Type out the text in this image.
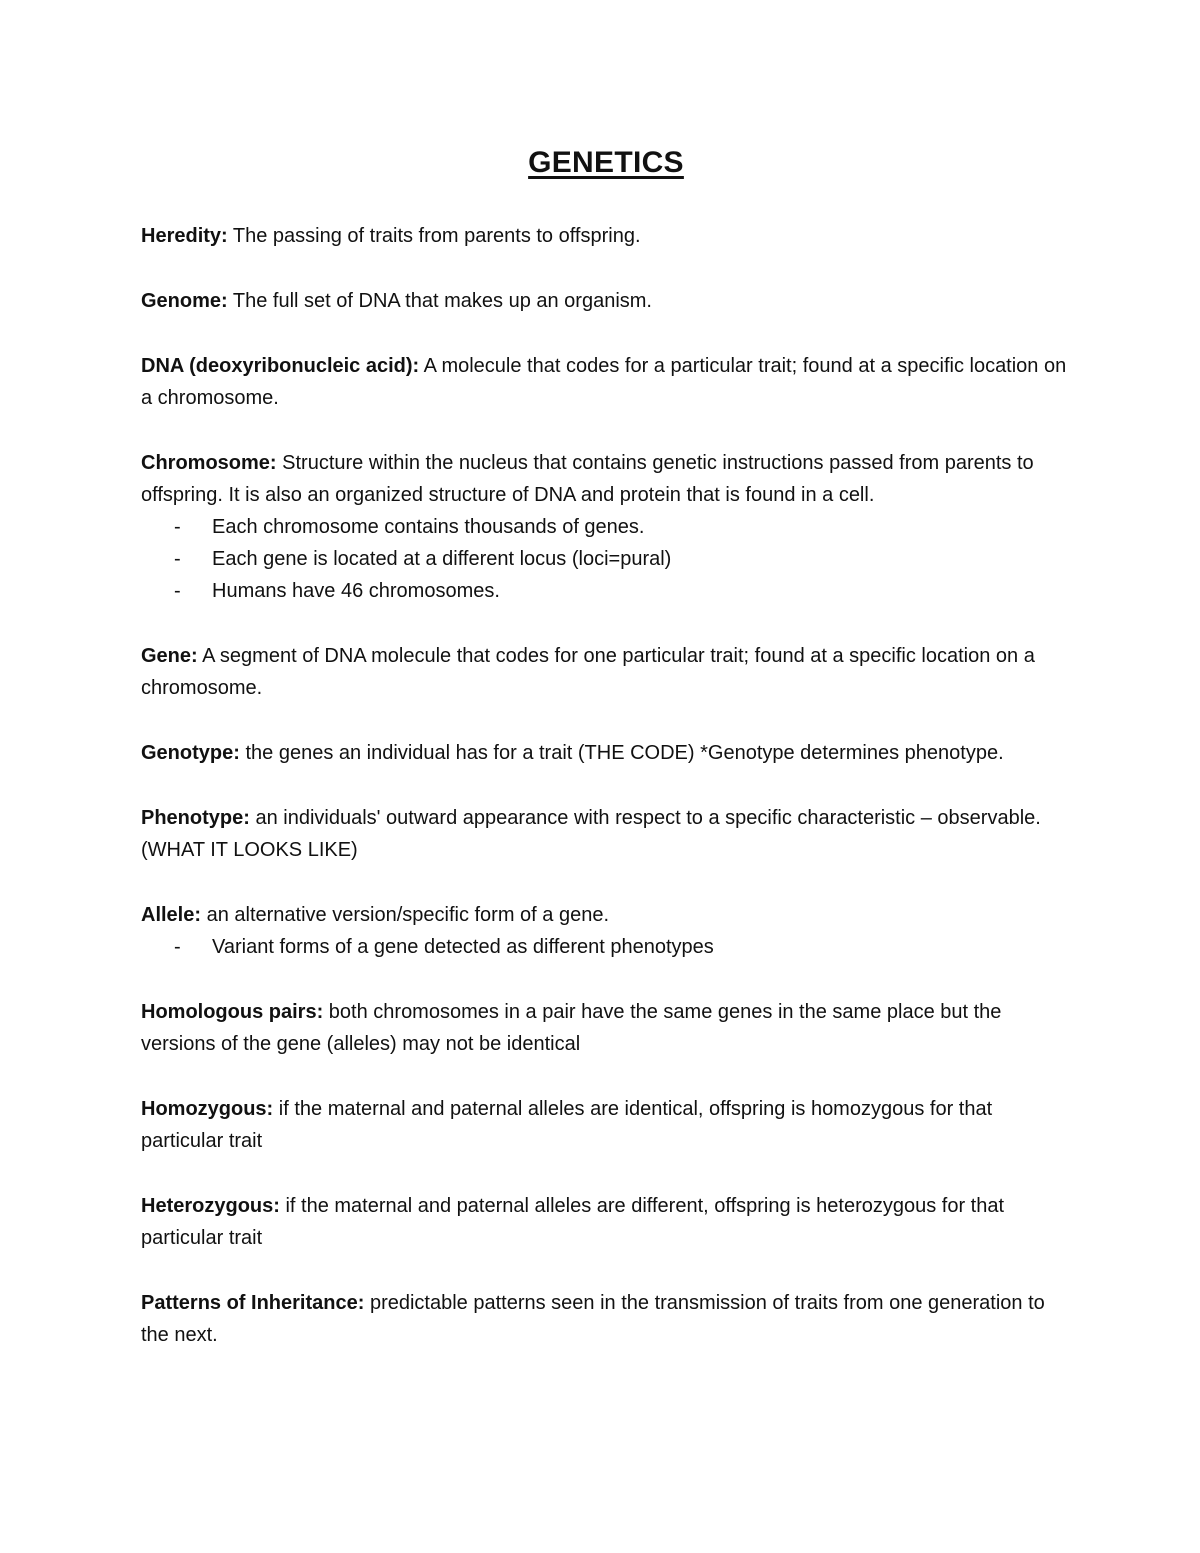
GENETICS
Heredity: The passing of traits from parents to offspring.
Genome: The full set of DNA that makes up an organism.
DNA (deoxyribonucleic acid): A molecule that codes for a particular trait; found at a specific location on a chromosome.
Chromosome: Structure within the nucleus that contains genetic instructions passed from parents to offspring. It is also an organized structure of DNA and protein that is found in a cell.
- Each chromosome contains thousands of genes.
- Each gene is located at a different locus (loci=pural)
- Humans have 46 chromosomes.
Gene: A segment of DNA molecule that codes for one particular trait; found at a specific location on a chromosome.
Genotype: the genes an individual has for a trait (THE CODE) *Genotype determines phenotype.
Phenotype: an individuals' outward appearance with respect to a specific characteristic – observable. (WHAT IT LOOKS LIKE)
Allele: an alternative version/specific form of a gene.
- Variant forms of a gene detected as different phenotypes
Homologous pairs: both chromosomes in a pair have the same genes in the same place but the versions of the gene (alleles) may not be identical
Homozygous: if the maternal and paternal alleles are identical, offspring is homozygous for that particular trait
Heterozygous: if the maternal and paternal alleles are different, offspring is heterozygous for that particular trait
Patterns of Inheritance: predictable patterns seen in the transmission of traits from one generation to the next.
